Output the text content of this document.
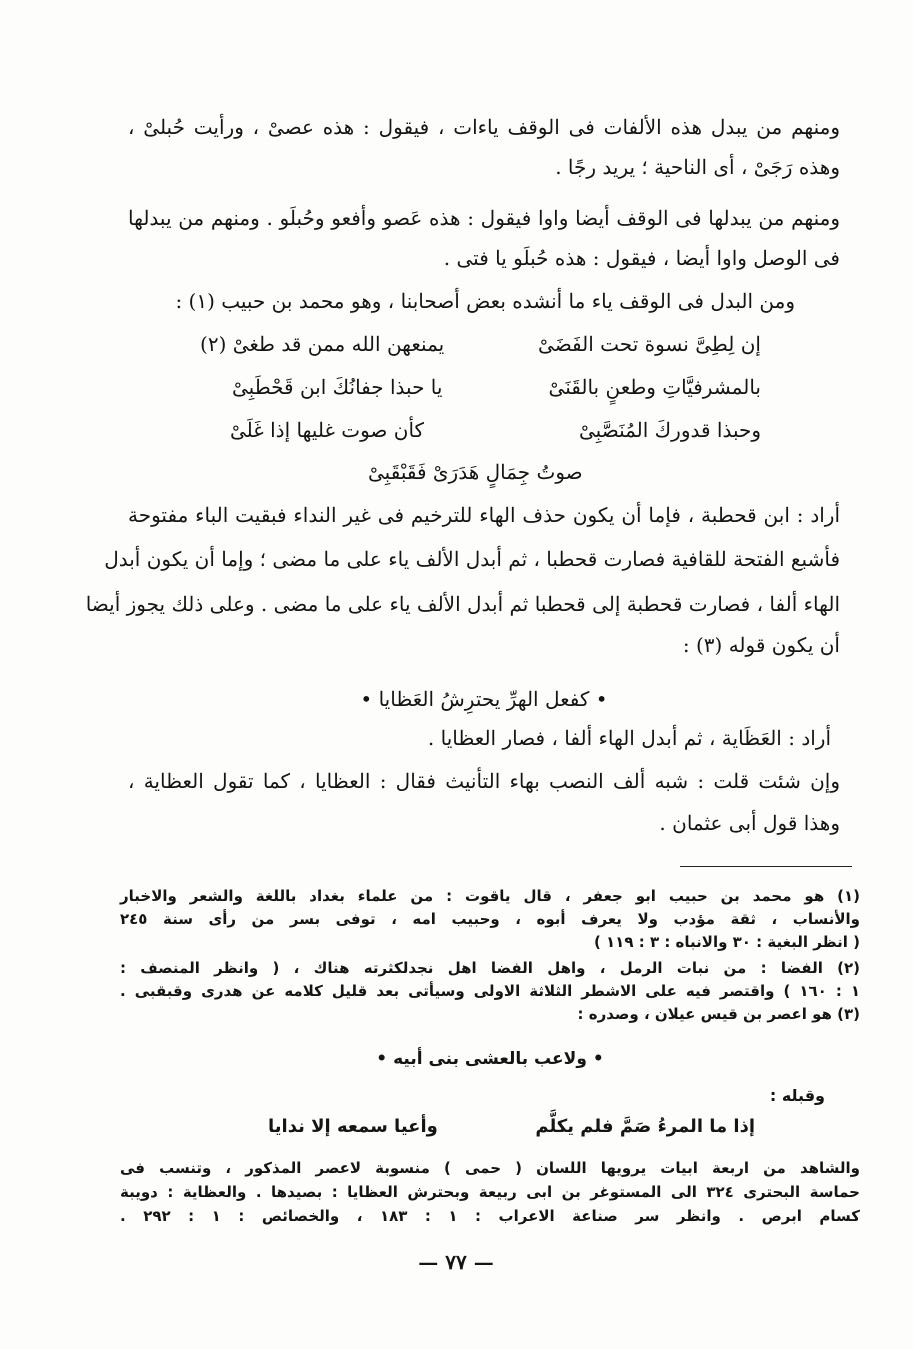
ومنهم من يبدل هذه الألفات فى الوقف ياءات ، فيقول : هذه عصىْ ، ورأيت حُبلىْ ،
وهذه رَجَىْ ، أى الناحية ؛ يريد رجًا .
ومنهم من يبدلها فى الوقف أيضا واوا فيقول : هذه عَصو وأفعو وحُبلَو . ومنهم من يبدلها
فى الوصل واوا أيضا ، فيقول : هذه حُبلَو يا فتى .
ومن البدل فى الوقف ياء ما أنشده بعض أصحابنا ، وهو محمد بن حبيب (١) :
إن لِطِىَّ نسوة تحت الفَضَىْ
يمنعهن الله ممن قد طغىْ (٢)
بالمشرفيَّاتِ وطعنٍ بالقَنَىْ
يا حبذا جفانُكَ ابن قَحْطَبِىْ
وحبذا قدوركَ المُنَصَّبِىْ
كأن صوت غليها إذا غَلَىْ
صوتُ جِمَالٍ هَدَرَىْ فَقَبْقَبِىْ
أراد : ابن قحطبة ، فإما أن يكون حذف الهاء للترخيم فى غير النداء فبقيت الباء مفتوحة
فأشبع الفتحة للقافية فصارت قحطبا ، ثم أبدل الألف ياء على ما مضى ؛ وإما أن يكون أبدل
الهاء ألفا ، فصارت قحطبة إلى قحطبا ثم أبدل الألف ياء على ما مضى . وعلى ذلك يجوز أيضا
أن يكون قوله (٣) :
• كفعل الهرِّ يحترِشُ العَظايا •
أراد : العَظَاية ، ثم أبدل الهاء ألفا ، فصار العظايا .
وإن شئت قلت : شبه ألف النصب بهاء التأنيث فقال : العظايا ، كما تقول العظاية ،
وهذا قول أبى عثمان .
(١) هو محمد بن حبيب ابو جعفر ، قال ياقوت : من علماء بغداد باللغة والشعر والاخبار
والأنساب ، ثقة مؤدب ولا يعرف أبوه ، وحبيب امه ، توفى بسر من رأى سنة ٢٤٥
( انظر البغية : ٣٠ والانباه : ٣ : ١١٩ )
(٢) الفضا : من نبات الرمل ، واهل الفضا اهل نجدلكثرته هناك ، ( وانظر المنصف :
١ : ١٦٠ ) واقتصر فيه على الاشطر الثلاثة الاولى وسيأتى بعد قليل كلامه عن هدرى وقبقبى .
(٣) هو اعصر بن قيس عيلان ، وصدره :
• ولاعب بالعشى بنى أبيه •
وقبله :
إذا ما المرءُ صَمَّ فلم يكلَّم
وأعيا سمعه إلا ندايا
والشاهد من اربعة ابيات يرويها اللسان ( حمى ) منسوبة لاعصر المذكور ، وتنسب فى
حماسة البحترى ٣٢٤ الى المستوغر بن ابى ربيعة وبحترش العظايا : بصيدها . والعظاية : دويبة
كسام ابرص . وانظر سر صناعة الاعراب : ١ : ١٨٣ ، والخصائص : ١ : ٢٩٢ .
— ٧٧ —
